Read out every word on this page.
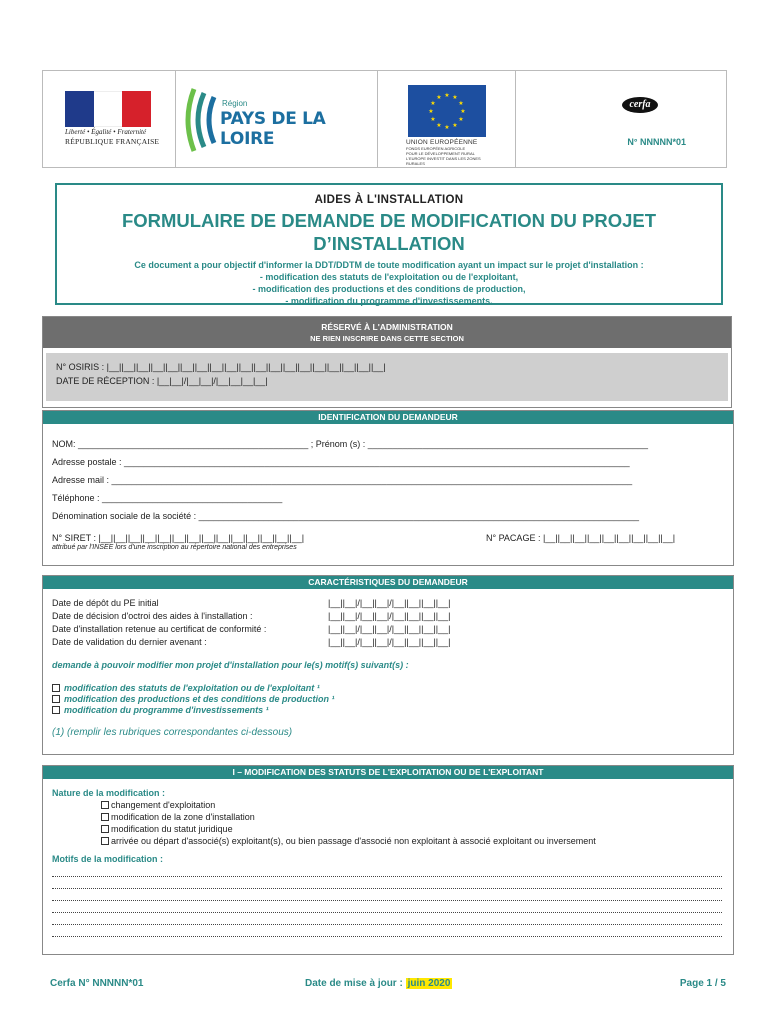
Liberté • Égalité • Fraternité
RÉPUBLIQUE FRANÇAISE
Région
PAYS DE LA LOIRE
★ ★
★
★
★
★
★
★
★
★
★
★
UNION EUROPÉENNE
FONDS EUROPÉEN AGRICOLE
POUR LE DÉVELOPPEMENT RURAL
L'EUROPE INVESTIT DANS LES ZONES RURALES
cerfa
N° NNNNN*01
AIDES À L'INSTALLATION
FORMULAIRE DE DEMANDE DE MODIFICATION DU PROJET
D’INSTALLATION
Ce document a pour objectif d'informer la DDT/DDTM de toute modification ayant un impact sur le projet d'installation :
- modification des statuts de l'exploitation ou de l'exploitant,
- modification des productions et des conditions de production,
- modification du programme d'investissements.
RÉSERVÉ À L'ADMINISTRATION
NE RIEN INSCRIRE DANS CETTE SECTION
N° OSIRIS : |__||__||__||__||__||__||__||__||__||__||__||__||__||__||__||__||__||__||__|
DATE DE RÉCEPTION : |__|__|/|__|__|/|__|__|__|__|
IDENTIFICATION DU DEMANDEUR
NOM: ______________________________________________ ; Prénom (s) : ________________________________________________________
Adresse postale : _____________________________________________________________________________________________________
Adresse mail : ________________________________________________________________________________________________________
Téléphone : ____________________________________
Dénomination sociale de la société : ________________________________________________________________________________________
N° SIRET : |__||__||__||__||__||__||__||__||__||__||__||__||__||__|
attribué par l'INSEE lors d'une inscription au répertoire national des entreprises
N° PACAGE : |__||__||__||__||__||__||__||__||__|
CARACTÉRISTIQUES DU DEMANDEUR
Date de dépôt du PE initial	|__||__|/|__||__|/|__||__||__||__|
Date de décision d'octroi des aides à l'installation :	|__||__|/|__||__|/|__||__||__||__|
Date d'installation retenue au certificat de conformité :	|__||__|/|__||__|/|__||__||__||__|
Date de validation du dernier avenant :	|__||__|/|__||__|/|__||__||__||__|
demande à pouvoir modifier mon projet d'installation pour le(s) motif(s) suivant(s) :
modification des statuts de l'exploitation ou de l'exploitant ¹
modification des productions et des conditions de production ¹
modification du programme d'investissements ¹
(1) (remplir les rubriques correspondantes ci-dessous)
I – MODIFICATION DES STATUTS DE L'EXPLOITATION OU DE L'EXPLOITANT
Nature de la modification :
changement d'exploitation
modification de la zone d'installation
modification du statut juridique
arrivée ou départ d'associé(s) exploitant(s), ou bien passage d'associé non exploitant à associé exploitant ou inversement
Motifs de la modification :
Cerfa N° NNNNN*01	Date de mise à jour : juin 2020	Page 1 / 5
